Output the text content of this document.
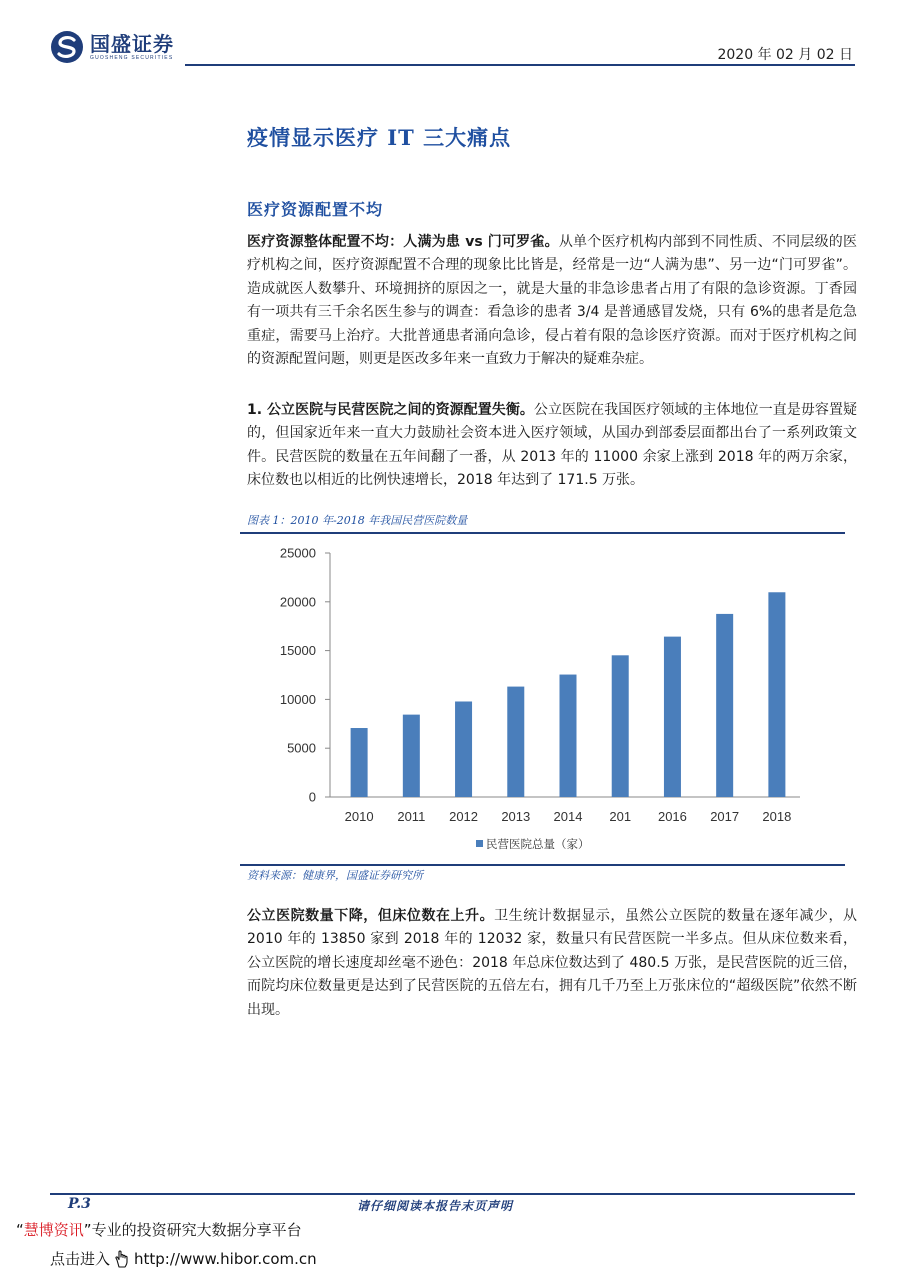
国盛证券
GUOSHENG SECURITIES	2020 年 02 月 02 日
疫情显示医疗 IT 三大痛点
医疗资源配置不均
医疗资源整体配置不均：人满为患 vs 门可罗雀。从单个医疗机构内部到不同性质、不同层级的医疗机构之间，医疗资源配置不合理的现象比比皆是，经常是一边“人满为患”、另一边“门可罗雀”。造成就医人数攀升、环境拥挤的原因之一，就是大量的非急诊患者占用了有限的急诊资源。丁香园有一项共有三千余名医生参与的调查：看急诊的患者 3/4 是普通感冒发烧，只有 6%的患者是危急重症，需要马上治疗。大批普通患者涌向急诊，侵占着有限的急诊医疗资源。而对于医疗机构之间的资源配置问题，则更是医改多年来一直致力于解决的疑难杂症。
1. 公立医院与民营医院之间的资源配置失衡。公立医院在我国医疗领域的主体地位一直是毋容置疑的，但国家近年来一直大力鼓励社会资本进入医疗领域，从国办到部委层面都出台了一系列政策文件。民营医院的数量在五年间翻了一番，从 2013 年的 11000 余家上涨到 2018 年的两万余家，床位数也以相近的比例快速增长，2018 年达到了 171.5 万张。
图表 1：2010 年-2018 年我国民营医院数量
0
5000
10000
15000
20000
25000
2010 2011 2012 2013 2014 201 2016 2017 2018
民营医院总量（家）
资料来源：健康界，国盛证券研究所
公立医院数量下降，但床位数在上升。卫生统计数据显示，虽然公立医院的数量在逐年减少，从 2010 年的 13850 家到 2018 年的 12032 家，数量只有民营医院一半多点。但从床位数来看，公立医院的增长速度却丝毫不逊色：2018 年总床位数达到了 480.5 万张，是民营医院的近三倍，而院均床位数量更是达到了民营医院的五倍左右，拥有几千乃至上万张床位的“超级医院”依然不断出现。
P.3	请仔细阅读本报告末页声明
“慧博资讯”专业的投资研究大数据分享平台
点击进入 http://www.hibor.com.cn
